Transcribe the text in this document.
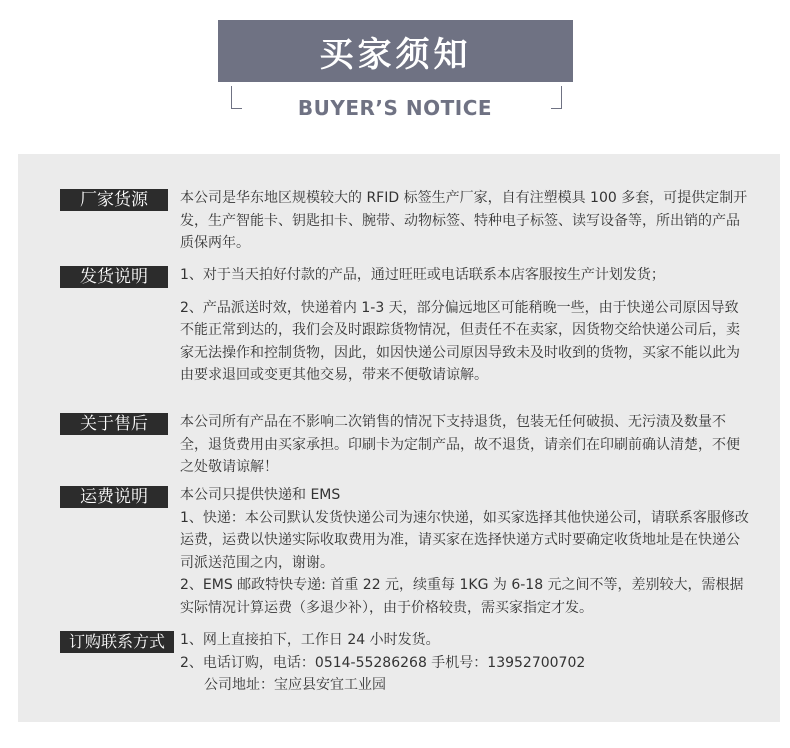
买家须知
BUYER’S NOTICE
厂家货源	本公司是华东地区规模较大的 RFID 标签生产厂家，自有注塑模具 100 多套，可提供定制开发，生产智能卡、钥匙扣卡、腕带、动物标签、特种电子标签、读写设备等，所出销的产品质保两年。

发货说明	1、对于当天拍好付款的产品，通过旺旺或电话联系本店客服按生产计划发货；

2、产品派送时效，快递着内 1-3 天，部分偏远地区可能稍晚一些，由于快递公司原因导致不能正常到达的，我们会及时跟踪货物情况，但责任不在卖家，因货物交给快递公司后，卖家无法操作和控制货物，因此，如因快递公司原因导致未及时收到的货物，买家不能以此为由要求退回或变更其他交易，带来不便敬请谅解。

关于售后	本公司所有产品在不影响二次销售的情况下支持退货，包装无任何破损、无污渍及数量不全，退货费用由买家承担。印刷卡为定制产品，故不退货，请亲们在印刷前确认清楚，不便之处敬请谅解！

运费说明	本公司只提供快递和 EMS

1、快递：本公司默认发货快递公司为速尔快递，如买家选择其他快递公司，请联系客服修改运费，运费以快递实际收取费用为准，请买家在选择快递方式时要确定收货地址是在快递公司派送范围之内，谢谢。

2、EMS 邮政特快专递: 首重 22 元，续重每 1KG 为 6-18 元之间不等，差别较大，需根据实际情况计算运费（多退少补），由于价格较贵，需买家指定才发。

订购联系方式	1、网上直接拍下，工作日 24 小时发货。

2、电话订购，电话：0514-55286268 手机号：13952700702

公司地址：宝应县安宜工业园
